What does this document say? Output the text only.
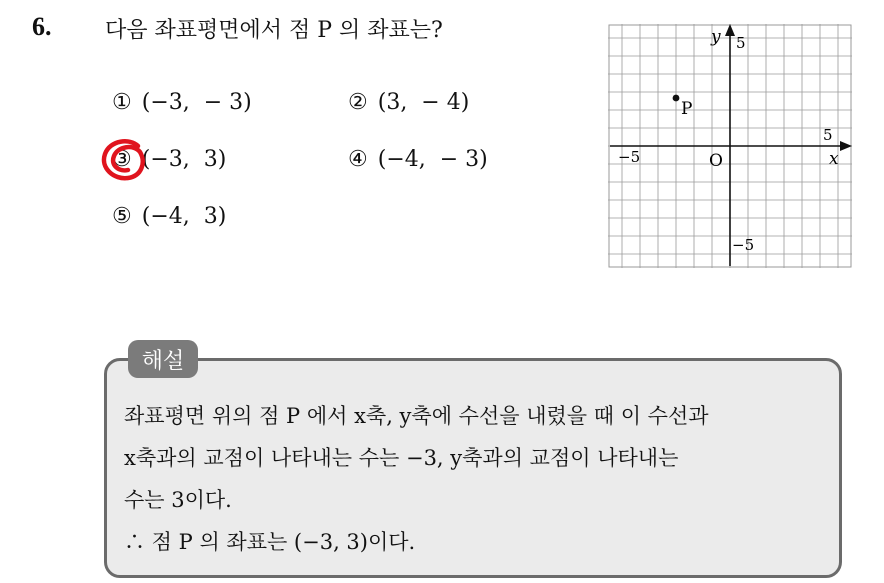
6. 다음 좌표평면에서 점 P 의 좌표는?
① (−3,  − 3)	② (3,  − 4)
③ (−3,  3)	④ (−4,  − 3)
⑤ (−4,  3)
y
x
O
5
−5
−5
5
P
해설

좌표평면 위의 점 P 에서 x축, y축에 수선을 내렸을 때 이 수선과

x축과의 교점이 나타내는 수는 −3, y축과의 교점이 나타내는

수는 3이다.

∴ 점 P 의 좌표는 (−3, 3)이다.
